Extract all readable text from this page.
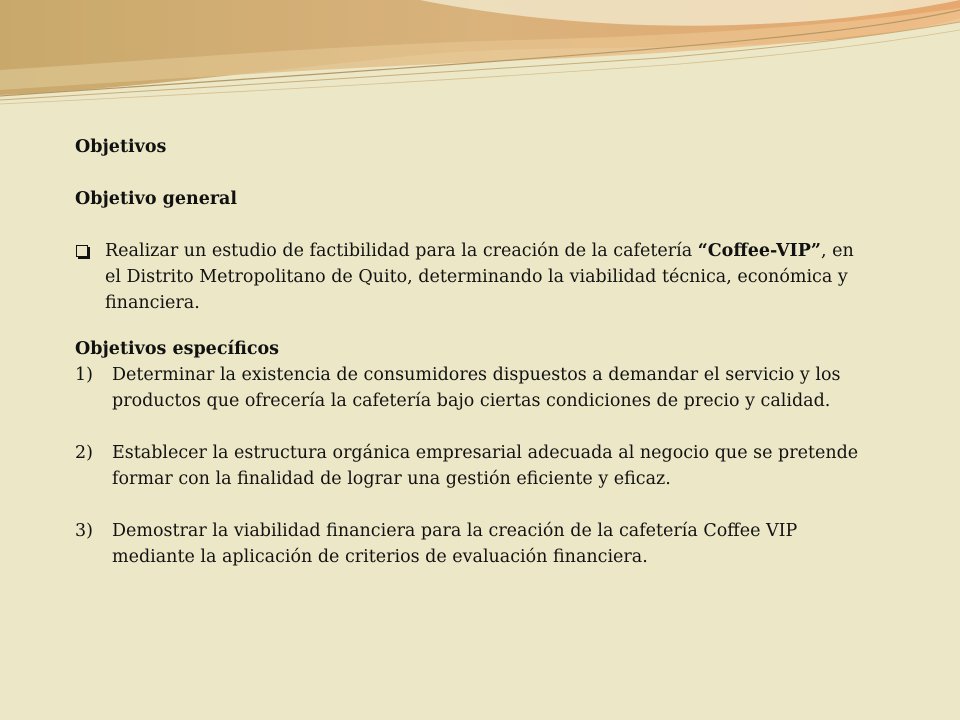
Objetivos

Objetivo general

Realizar un estudio de factibilidad para la creación de la cafetería “Coffee-VIP”, en el Distrito Metropolitano de Quito, determinando la viabilidad técnica, económica y financiera.

Objetivos específicos

1)	Determinar la existencia de consumidores dispuestos a demandar el servicio y los productos que ofrecería la cafetería bajo ciertas condiciones de precio y calidad.
2)	Establecer la estructura orgánica empresarial adecuada al negocio que se pretende formar con la finalidad de lograr una gestión eficiente y eficaz.
3)	Demostrar la viabilidad financiera para la creación de la cafetería Coffee VIP mediante la aplicación de criterios de evaluación financiera.
